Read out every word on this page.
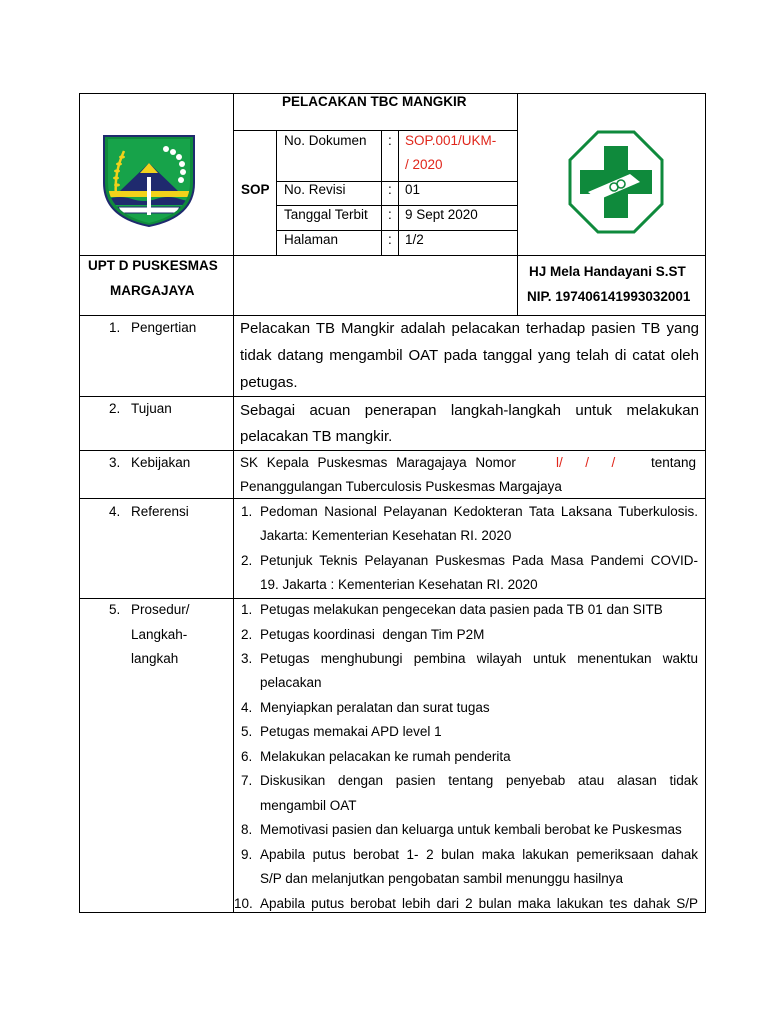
PELACAKAN TBC MANGKIR
SOP
No. Dokumen : SOP.001/UKM-
/ 2020
No. Revisi	: 01
Tanggal Terbit : 9 Sept 2020
Halaman	: 1/2
UPT D PUSKESMAS
MARGAJAYA
HJ Mela Handayani S.ST
NIP. 197406141993032001
1. Pengertian	Pelacakan TB Mangkir adalah pelacakan terhadap pasien TB yang
tidak datang mengambil OAT pada tanggal yang telah di catat oleh
petugas.
2. Tujuan	Sebagai acuan penerapan langkah-langkah untuk melakukan
pelacakan TB mangkir.
3. Kebijakan	SK Kepala Puskesmas Maragajaya Nomor	l/      /      /	tentang
Penanggulangan Tuberculosis Puskesmas Margajaya
4. Referensi	1. Pedoman Nasional Pelayanan Kedokteran Tata Laksana Tuberkulosis.
Jakarta: Kementerian Kesehatan RI. 2020
2. Petunjuk Teknis Pelayanan Puskesmas Pada Masa Pandemi COVID-
19. Jakarta : Kementerian Kesehatan RI. 2020
5. Prosedur/
Langkah-
langkah
1. Petugas melakukan pengecekan data pasien pada TB 01 dan SITB
2. Petugas koordinasi  dengan Tim P2M
3. Petugas menghubungi pembina wilayah untuk menentukan waktu
pelacakan
4. Menyiapkan peralatan dan surat tugas
5. Petugas memakai APD level 1
6. Melakukan pelacakan ke rumah penderita
7. Diskusikan dengan pasien tentang penyebab atau alasan tidak
mengambil OAT
8. Memotivasi pasien dan keluarga untuk kembali berobat ke Puskesmas
9. Apabila putus berobat 1- 2 bulan maka lakukan pemeriksaan dahak
S/P dan melanjutkan pengobatan sambil menunggu hasilnya
10. Apabila putus berobat lebih dari 2 bulan maka lakukan tes dahak S/P
